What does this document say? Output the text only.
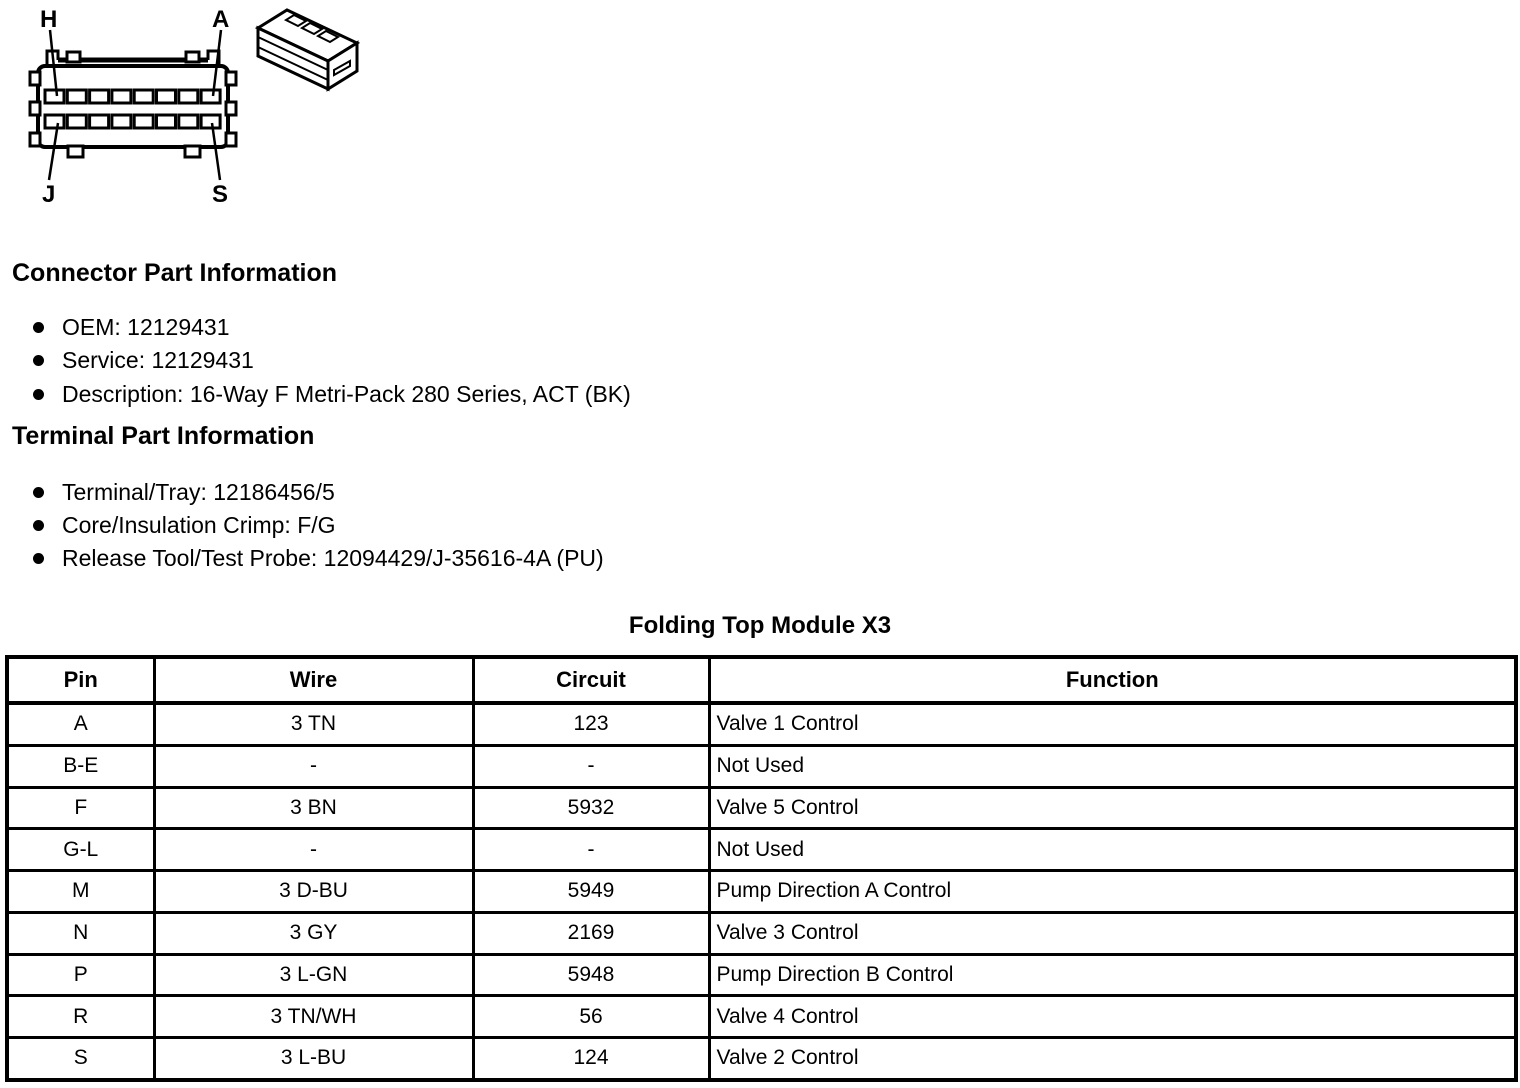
H	A
J	S
Connector Part Information
OEM: 12129431
Service: 12129431
Description: 16-Way F Metri-Pack 280 Series, ACT (BK)
Terminal Part Information
Terminal/Tray: 12186456/5
Core/Insulation Crimp: F/G
Release Tool/Test Probe: 12094429/J-35616-4A (PU)
Folding Top Module X3
Pin	Wire	Circuit	Function
A	3 TN	123	Valve 1 Control
B-E	-	-	Not Used
F	3 BN	5932	Valve 5 Control
G-L	-	-	Not Used
M	3 D-BU	5949	Pump Direction A Control
N	3 GY	2169	Valve 3 Control
P	3 L-GN	5948	Pump Direction B Control
R	3 TN/WH	56	Valve 4 Control
S	3 L-BU	124	Valve 2 Control
